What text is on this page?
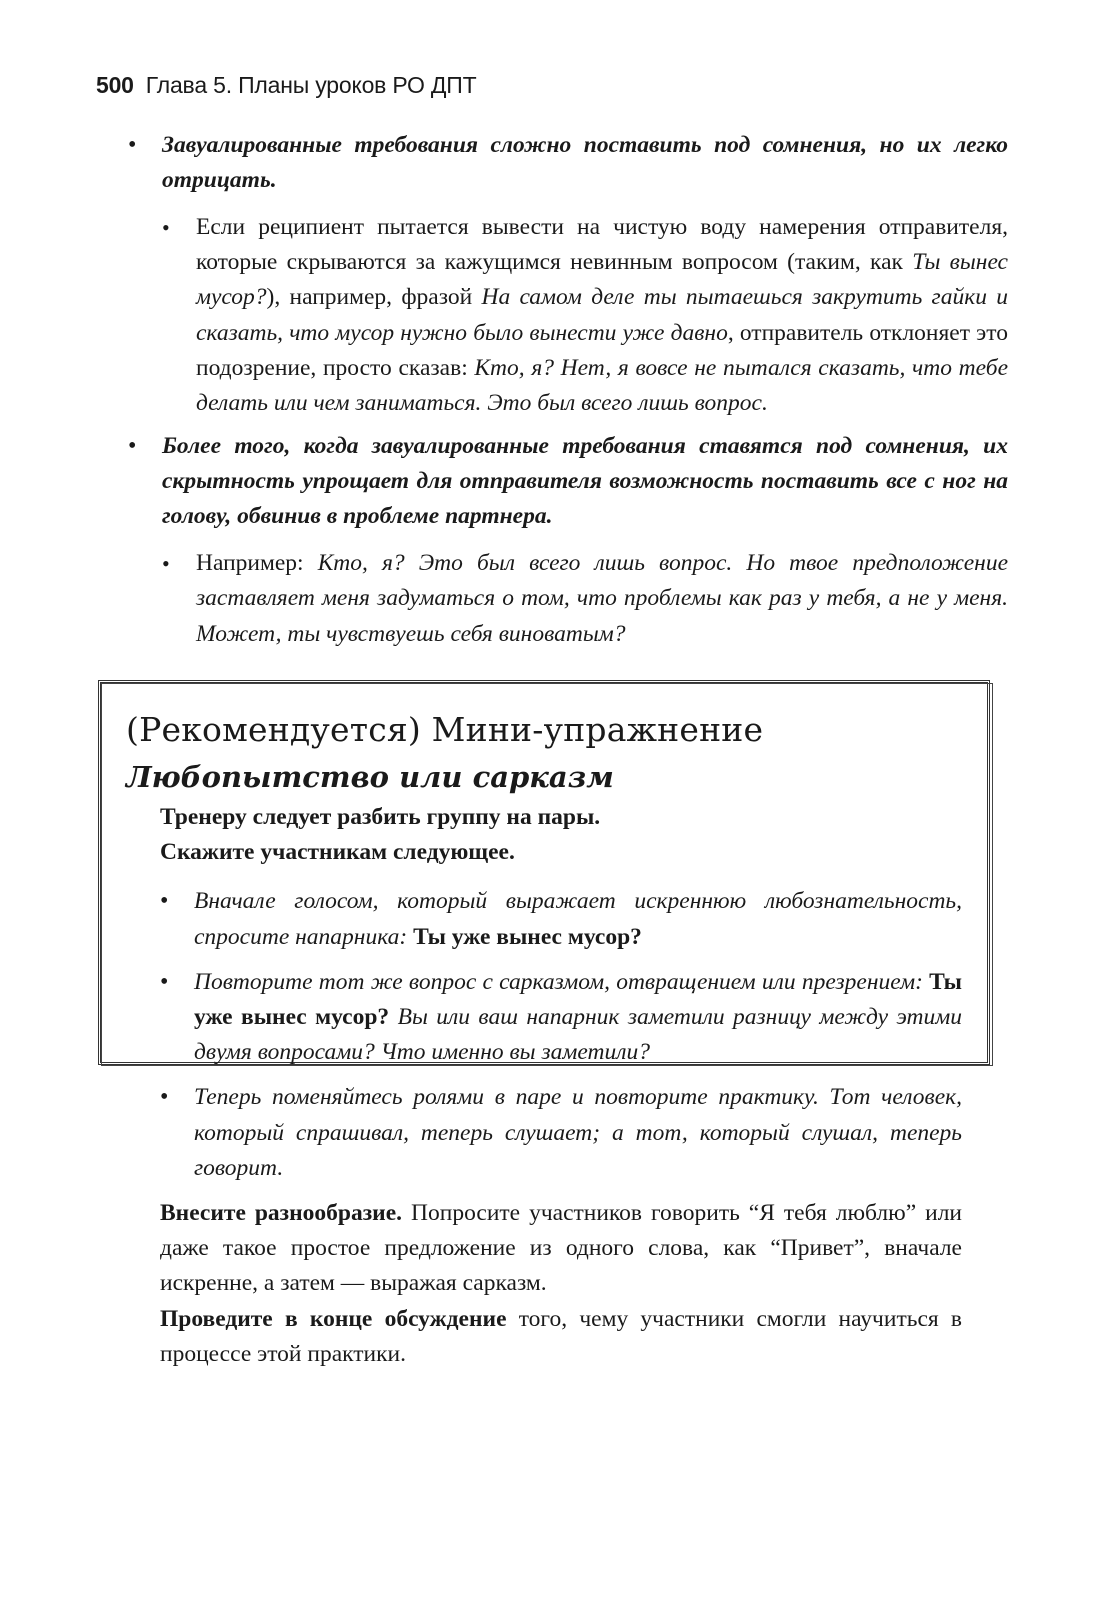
500 Глава 5. Планы уроков РО ДПТ
• Завуалированные требования сложно поставить под сомнения, но их легко отрицать.
• Если реципиент пытается вывести на чистую воду намерения отправителя, которые скрываются за кажущимся невинным вопросом (таким, как Ты вынес мусор?), например, фразой На самом деле ты пытаешься закрутить гайки и сказать, что мусор нужно было вынести уже давно, отправитель отклоняет это подозрение, просто сказав: Кто, я? Нет, я вовсе не пытался сказать, что тебе делать или чем заниматься. Это был всего лишь вопрос.
• Более того, когда завуалированные требования ставятся под сомнения, их скрытность упрощает для отправителя возможность поставить все с ног на голову, обвинив в проблеме партнера.
• Например: Кто, я? Это был всего лишь вопрос. Но твое предположение заставляет меня задуматься о том, что проблемы как раз у тебя, а не у меня. Может, ты чувствуешь себя виноватым?
(Рекомендуется) Мини-упражнение
Любопытство или сарказм

Тренеру следует разбить группу на пары.

Скажите участникам следующее.

• Вначале голосом, который выражает искреннюю любознательность, спросите напарника: Ты уже вынес мусор?
• Повторите тот же вопрос с сарказмом, отвращением или презрением: Ты уже вынес мусор? Вы или ваш напарник заметили разницу между этими двумя вопросами? Что именно вы заметили?
• Теперь поменяйтесь ролями в паре и повторите практику. Тот человек, который спрашивал, теперь слушает; а тот, который слушал, теперь говорит.

Внесите разнообразие. Попросите участников говорить “Я тебя люблю” или даже такое простое предложение из одного слова, как “Привет”, вначале искренне, а затем — выражая сарказм.

Проведите в конце обсуждение того, чему участники смогли научиться в процессе этой практики.
